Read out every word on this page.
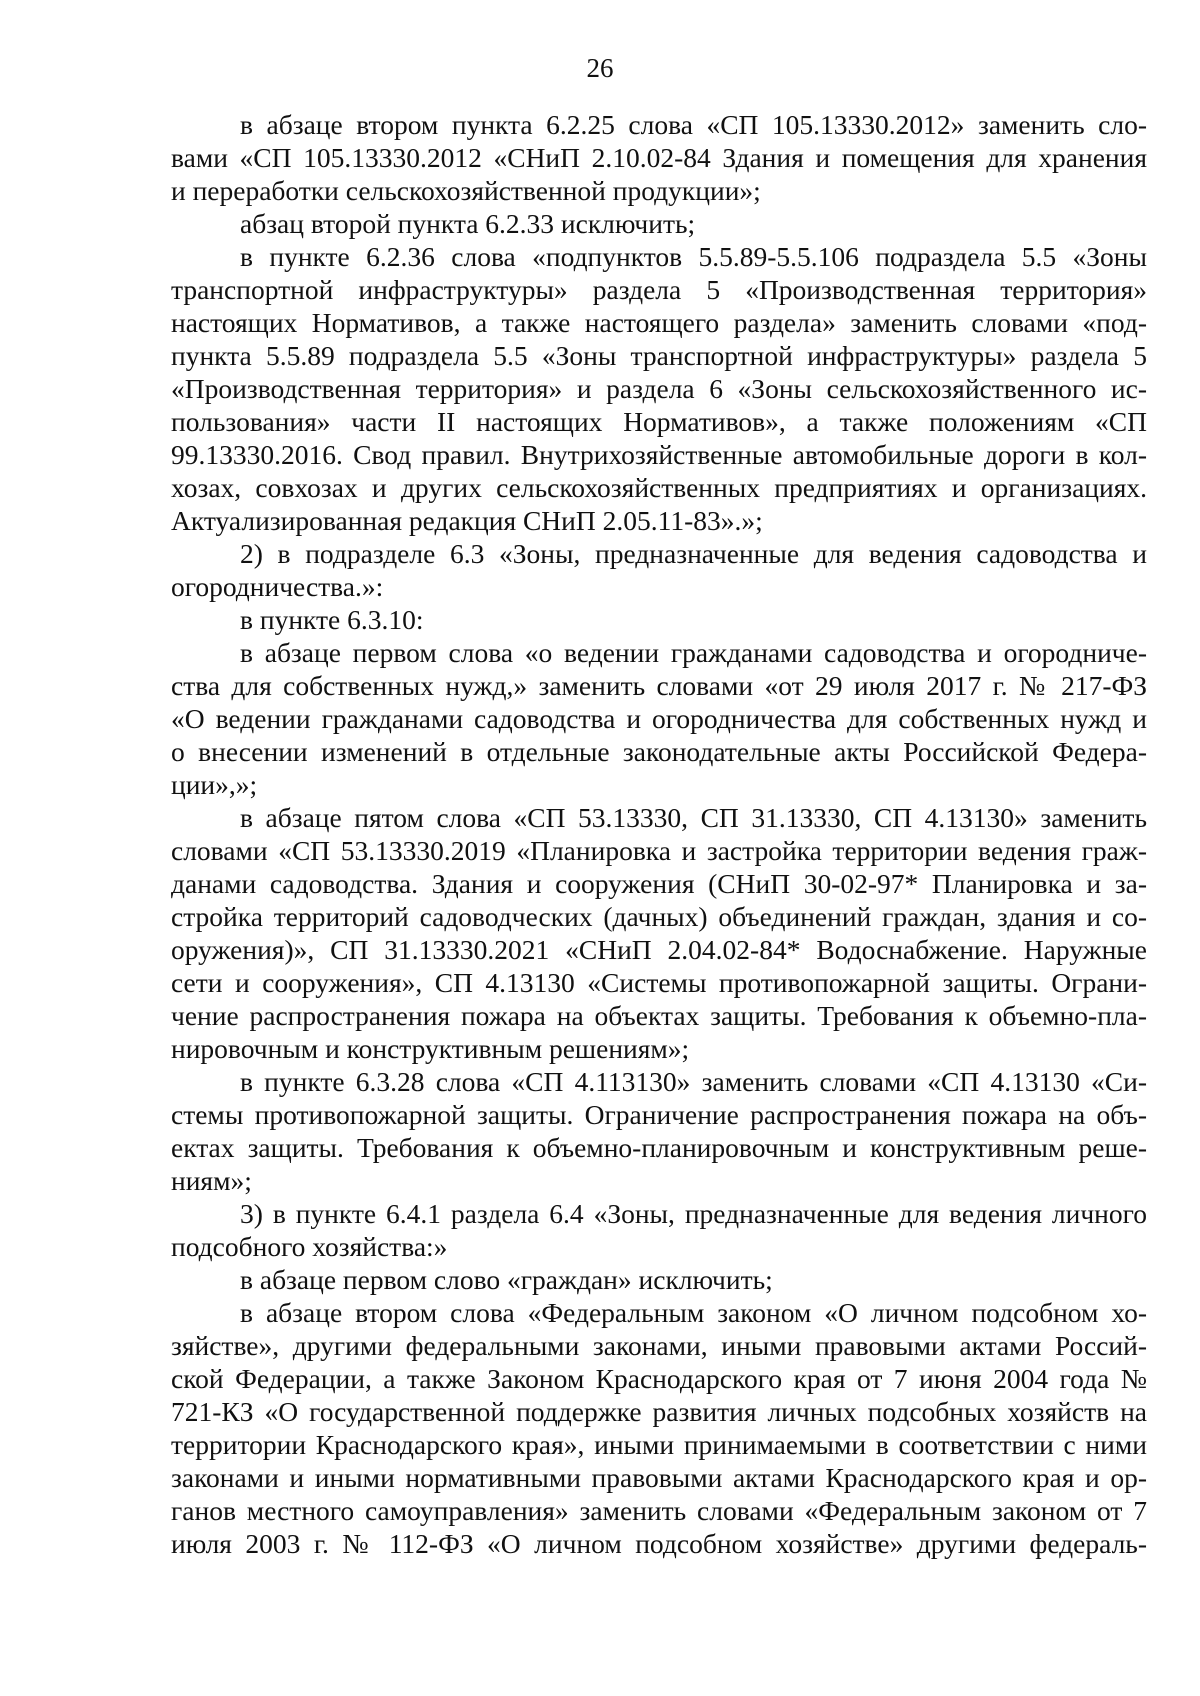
26
в абзаце втором пункта 6.2.25 слова «СП 105.13330.2012» заменить сло-
вами «СП 105.13330.2012 «СНиП 2.10.02-84 Здания и помещения для хранения
и переработки сельскохозяйственной продукции»;
абзац второй пункта 6.2.33 исключить;
в пункте 6.2.36 слова «подпунктов 5.5.89-5.5.106 подраздела 5.5 «Зоны
транспортной инфраструктуры» раздела 5 «Производственная территория»
настоящих Нормативов, а также настоящего раздела» заменить словами «под-
пункта 5.5.89 подраздела 5.5 «Зоны транспортной инфраструктуры» раздела 5
«Производственная территория» и раздела 6 «Зоны сельскохозяйственного ис-
пользования» части II настоящих Нормативов», а также положениям «СП
99.13330.2016. Свод правил. Внутрихозяйственные автомобильные дороги в кол-
хозах, совхозах и других сельскохозяйственных предприятиях и организациях.
Актуализированная редакция СНиП 2.05.11-83».»;
2) в подразделе 6.3 «Зоны, предназначенные для ведения садоводства и
огородничества.»:
в пункте 6.3.10:
в абзаце первом слова «о ведении гражданами садоводства и огородниче-
ства для собственных нужд,» заменить словами «от 29 июля 2017 г. № 217-ФЗ
«О ведении гражданами садоводства и огородничества для собственных нужд и
о внесении изменений в отдельные законодательные акты Российской Федера-
ции»,»;
в абзаце пятом слова «СП 53.13330, СП 31.13330, СП 4.13130» заменить
словами «СП 53.13330.2019 «Планировка и застройка территории ведения граж-
данами садоводства. Здания и сооружения (СНиП 30-02-97* Планировка и за-
стройка территорий садоводческих (дачных) объединений граждан, здания и со-
оружения)», СП 31.13330.2021 «СНиП 2.04.02-84* Водоснабжение. Наружные
сети и сооружения», СП 4.13130 «Системы противопожарной защиты. Ограни-
чение распространения пожара на объектах защиты. Требования к объемно-пла-
нировочным и конструктивным решениям»;
в пункте 6.3.28 слова «СП 4.113130» заменить словами «СП 4.13130 «Си-
стемы противопожарной защиты. Ограничение распространения пожара на объ-
ектах защиты. Требования к объемно-планировочным и конструктивным реше-
ниям»;
3) в пункте 6.4.1 раздела 6.4 «Зоны, предназначенные для ведения личного
подсобного хозяйства:»
в абзаце первом слово «граждан» исключить;
в абзаце втором слова «Федеральным законом «О личном подсобном хо-
зяйстве», другими федеральными законами, иными правовыми актами Россий-
ской Федерации, а также Законом Краснодарского края от 7 июня 2004 года №
721-КЗ «О государственной поддержке развития личных подсобных хозяйств на
территории Краснодарского края», иными принимаемыми в соответствии с ними
законами и иными нормативными правовыми актами Краснодарского края и ор-
ганов местного самоуправления» заменить словами «Федеральным законом от 7
июля 2003 г. № 112-ФЗ «О личном подсобном хозяйстве» другими федераль-
